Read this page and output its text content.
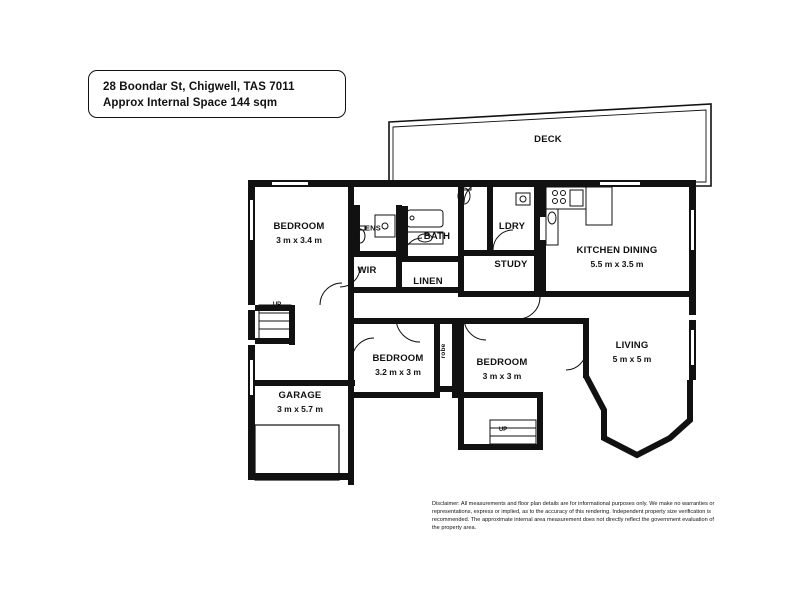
28 Boondar St, Chigwell, TAS 7011
Approx Internal Space 144 sqm
DECK
BEDROOM
3 m x 3.4 m
ENS
BATH
LDRY
KITCHEN DINING
5.5 m x 3.5 m
WIR
LINEN
STUDY
LIVING
5 m x 5 m
BEDROOM
3.2 m x 3 m
BEDROOM
3 m x 3 m
GARAGE
3 m x 5.7 m
robe
robe
UP
UP
UP
Disclaimer: All measurements and floor plan details are for informational purposes only. We make no warranties or representations, express or implied, as to the accuracy of this rendering. Independent property size verification is recommended. The approximate internal area measurement does not directly reflect the government evaluation of the property area.
